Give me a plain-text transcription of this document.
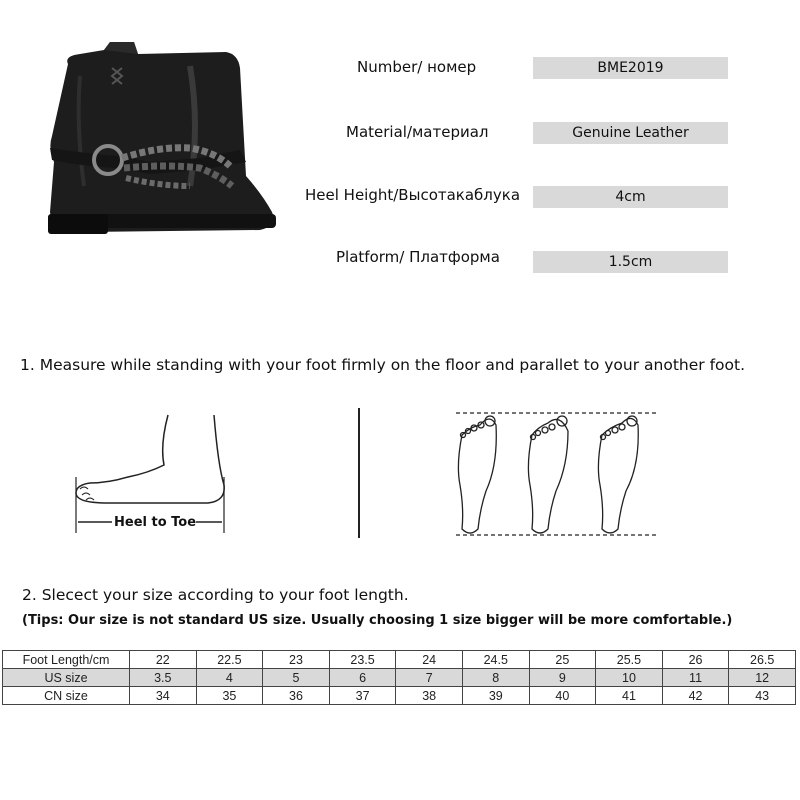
Number/ номер	BME2019
Material/материал	Genuine Leather
Heel Height/Высотакаблука	4cm
Platform/ Платформа	1.5cm
1. Measure while standing with your foot firmly on the floor and parallet to your another foot.
Heel to Toe
2. Slecect your size according to your foot length.
(Tips: Our size is not standard US size. Usually choosing 1 size bigger will be more comfortable.)
Foot Length/cm	22	22.5	23	23.5	24	24.5	25	25.5	26	26.5
US size	3.5	4	5	6	7	8	9	10	11	12
CN size	34	35	36	37	38	39	40	41	42	43
